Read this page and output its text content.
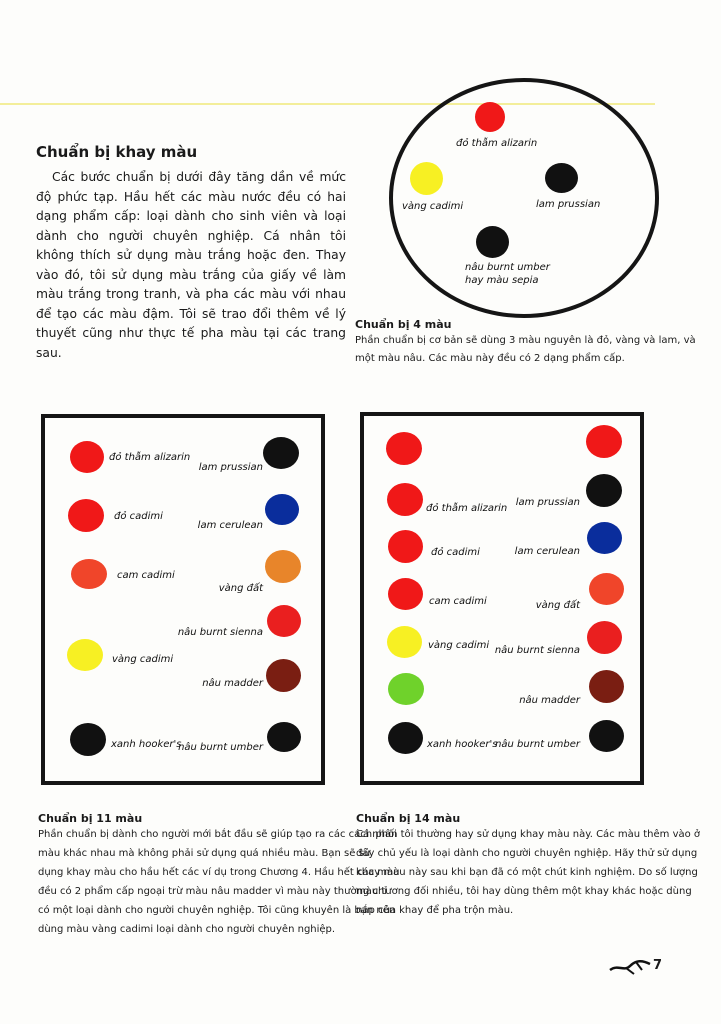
Chuẩn bị khay màu

Các bước chuẩn bị dưới đây tăng dần về mức độ phức tạp. Hầu hết các màu nước đều có hai dạng phẩm cấp: loại dành cho sinh viên và loại dành cho người chuyên nghiệp. Cá nhân tôi không thích sử dụng màu trắng hoặc đen. Thay vào đó, tôi sử dụng màu trắng của giấy về làm màu trắng trong tranh, và pha các màu với nhau để tạo các màu đậm. Tôi sẽ trao đổi thêm về lý thuyết cũng như thực tế pha màu tại các trang sau.

đỏ thẫm alizarin
vàng cadimi	lam prussian
nâu burnt umber
hay màu sepia
Chuẩn bị 4 màu

Phần chuẩn bị cơ bản sẽ dùng 3 màu nguyên là đỏ, vàng và lam, và

một màu nâu. Các màu này đều có 2 dạng phẩm cấp.

đỏ thẫm alizarin
đỏ cadimi
cam cadimi
vàng cadimi
xanh hooker's
lam prussian
lam cerulean
vàng đất
nâu burnt sienna
nâu madder
nâu burnt umber
Chuẩn bị 11 màu

Phần chuẩn bị dành cho người mới bắt đầu sẽ giúp tạo ra các cách phối

màu khác nhau mà không phải sử dụng quá nhiều màu. Bạn sẽ sử

dụng khay màu cho hầu hết các ví dụ trong Chương 4. Hầu hết các màu

đều có 2 phẩm cấp ngoại trừ màu nâu madder vì màu này thường chỉ

có một loại dành cho người chuyên nghiệp. Tôi cũng khuyên là bạn nên

dùng màu vàng cadimi loại dành cho người chuyên nghiệp.

đỏ thẫm alizarin
đỏ cadimi
cam cadimi
vàng cadimi
xanh hooker's
lam prussian
lam cerulean
vàng đất
nâu burnt sienna
nâu madder
nâu burnt umber
Chuẩn bị 14 màu

Cá nhân tôi thường hay sử dụng khay màu này. Các màu thêm vào ở

đây chủ yếu là loại dành cho người chuyên nghiệp. Hãy thử sử dụng

khay màu này sau khi bạn đã có một chút kinh nghiệm. Do số lượng

màu tương đối nhiều, tôi hay dùng thêm một khay khác hoặc dùng

nắp của khay để pha trộn màu.

7
